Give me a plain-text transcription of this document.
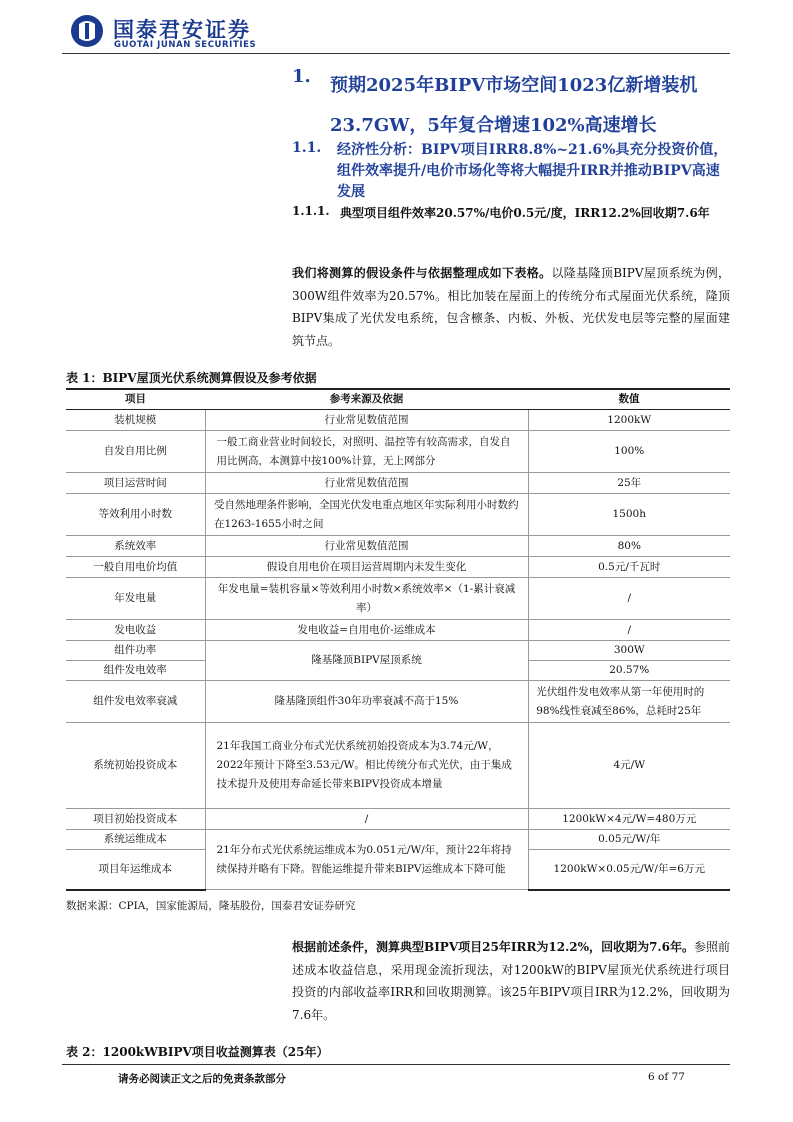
国泰君安证券
GUOTAI JUNAN SECURITIES
1. 预期2025年BIPV市场空间1023亿新增装机23.7GW，5年复合增速102%高速增长
1.1. 经济性分析：BIPV项目IRR8.8%~21.6%具充分投资价值，组件效率提升/电价市场化等将大幅提升IRR并推动BIPV高速发展
1.1.1. 典型项目组件效率20.57%/电价0.5元/度，IRR12.2%回收期7.6年
我们将测算的假设条件与依据整理成如下表格。以隆基隆顶BIPV屋顶系统为例，300W组件效率为20.57%。相比加装在屋面上的传统分布式屋面光伏系统，隆顶BIPV集成了光伏发电系统，包含檩条、内板、外板、光伏发电层等完整的屋面建筑节点。
表 1：BIPV屋顶光伏系统测算假设及参考依据
项目	参考来源及依据	数值
装机规模	行业常见数值范围	1200kW
自发自用比例	一般工商业营业时间较长，对照明、温控等有较高需求，自发自用比例高，本测算中按100%计算，无上网部分	100%
项目运营时间	行业常见数值范围	25年
等效利用小时数	受自然地理条件影响，全国光伏发电重点地区年实际利用小时数约在1263-1655小时之间	1500h
系统效率	行业常见数值范围	80%
一般自用电价均值	假设自用电价在项目运营周期内未发生变化	0.5元/千瓦时
年发电量	年发电量=装机容量×等效利用小时数×系统效率×（1-累计衰减率）	/
发电收益	发电收益=自用电价-运维成本	/
组件功率	隆基隆顶BIPV屋顶系统	300W
组件发电效率		20.57%
组件发电效率衰减	隆基隆顶组件30年功率衰减不高于15%	光伏组件发电效率从第一年使用时的98%线性衰减至86%，总耗时25年
系统初始投资成本	21年我国工商业分布式光伏系统初始投资成本为3.74元/W，2022年预计下降至3.53元/W。相比传统分布式光伏，由于集成技术提升及使用寿命延长带来BIPV投资成本增量	4元/W
项目初始投资成本	/	1200kW×4元/W=480万元
系统运维成本	21年分布式光伏系统运维成本为0.051元/W/年，预计22年将持续保持并略有下降。智能运维提升带来BIPV运维成本下降可能	0.05元/W/年
项目年运维成本		1200kW×0.05元/W/年=6万元
数据来源：CPIA，国家能源局，隆基股份，国泰君安证券研究
根据前述条件，测算典型BIPV项目25年IRR为12.2%，回收期为7.6年。参照前述成本收益信息，采用现金流折现法，对1200kW的BIPV屋顶光伏系统进行项目投资的内部收益率IRR和回收期测算。该25年BIPV项目IRR为12.2%，回收期为7.6年。
表 2：1200kWBIPV项目收益测算表（25年）
请务必阅读正文之后的免责条款部分	6 of 77
